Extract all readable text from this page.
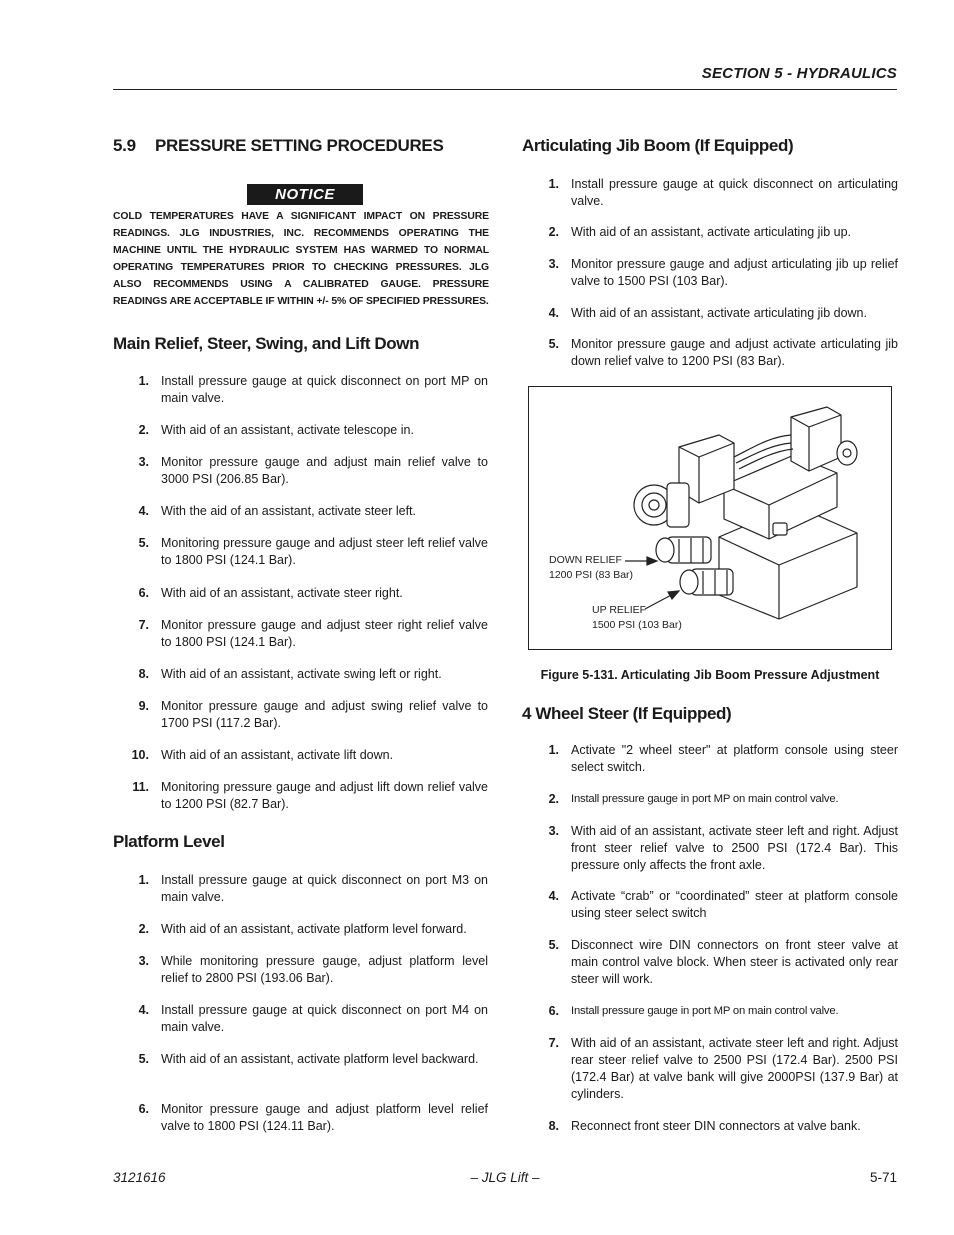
SECTION 5 - HYDRAULICS
5.9 PRESSURE SETTING PROCEDURES
NOTICE
COLD TEMPERATURES HAVE A SIGNIFICANT IMPACT ON PRESSURE READINGS. JLG INDUSTRIES, INC. RECOMMENDS OPERATING THE MACHINE UNTIL THE HYDRAULIC SYSTEM HAS WARMED TO NORMAL OPERATING TEMPERATURES PRIOR TO CHECKING PRESSURES. JLG ALSO RECOMMENDS USING A CALIBRATED GAUGE. PRESSURE READINGS ARE ACCEPTABLE IF WITHIN +/- 5% OF SPECIFIED PRESSURES.
Main Relief, Steer, Swing, and Lift Down
1. Install pressure gauge at quick disconnect on port MP on main valve.
2. With aid of an assistant, activate telescope in.
3. Monitor pressure gauge and adjust main relief valve to 3000 PSI (206.85 Bar).
4. With the aid of an assistant, activate steer left.
5. Monitoring pressure gauge and adjust steer left relief valve to 1800 PSI (124.1 Bar).
6. With aid of an assistant, activate steer right.
7. Monitor pressure gauge and adjust steer right relief valve to 1800 PSI (124.1 Bar).
8. With aid of an assistant, activate swing left or right.
9. Monitor pressure gauge and adjust swing relief valve to 1700 PSI (117.2 Bar).
10. With aid of an assistant, activate lift down.
11. Monitoring pressure gauge and adjust lift down relief valve to 1200 PSI (82.7 Bar).
Platform Level
1. Install pressure gauge at quick disconnect on port M3 on main valve.
2. With aid of an assistant, activate platform level forward.
3. While monitoring pressure gauge, adjust platform level relief to 2800 PSI (193.06 Bar).
4. Install pressure gauge at quick disconnect on port M4 on main valve.
5. With aid of an assistant, activate platform level backward.
6. Monitor pressure gauge and adjust platform level relief valve to 1800 PSI (124.11 Bar).
Articulating Jib Boom (If Equipped)
1. Install pressure gauge at quick disconnect on articulating valve.
2. With aid of an assistant, activate articulating jib up.
3. Monitor pressure gauge and adjust articulating jib up relief valve to 1500 PSI (103 Bar).
4. With aid of an assistant, activate articulating jib down.
5. Monitor pressure gauge and adjust activate articulating jib down relief valve to 1200 PSI (83 Bar).
DOWN RELIEF
1200 PSI (83 Bar)
UP RELIEF
1500 PSI (103 Bar)
Figure 5-131. Articulating Jib Boom Pressure Adjustment
4 Wheel Steer (If Equipped)
1. Activate "2 wheel steer" at platform console using steer select switch.
2. Install pressure gauge in port MP on main control valve.
3. With aid of an assistant, activate steer left and right. Adjust front steer relief valve to 2500 PSI (172.4 Bar). This pressure only affects the front axle.
4. Activate “crab” or “coordinated” steer at platform console using steer select switch
5. Disconnect wire DIN connectors on front steer valve at main control valve block. When steer is activated only rear steer will work.
6. Install pressure gauge in port MP on main control valve.
7. With aid of an assistant, activate steer left and right. Adjust rear steer relief valve to 2500 PSI (172.4 Bar). 2500 PSI (172.4 Bar) at valve bank will give 2000PSI (137.9 Bar) at cylinders.
8. Reconnect front steer DIN connectors at valve bank.
3121616	– JLG Lift –	5-71
